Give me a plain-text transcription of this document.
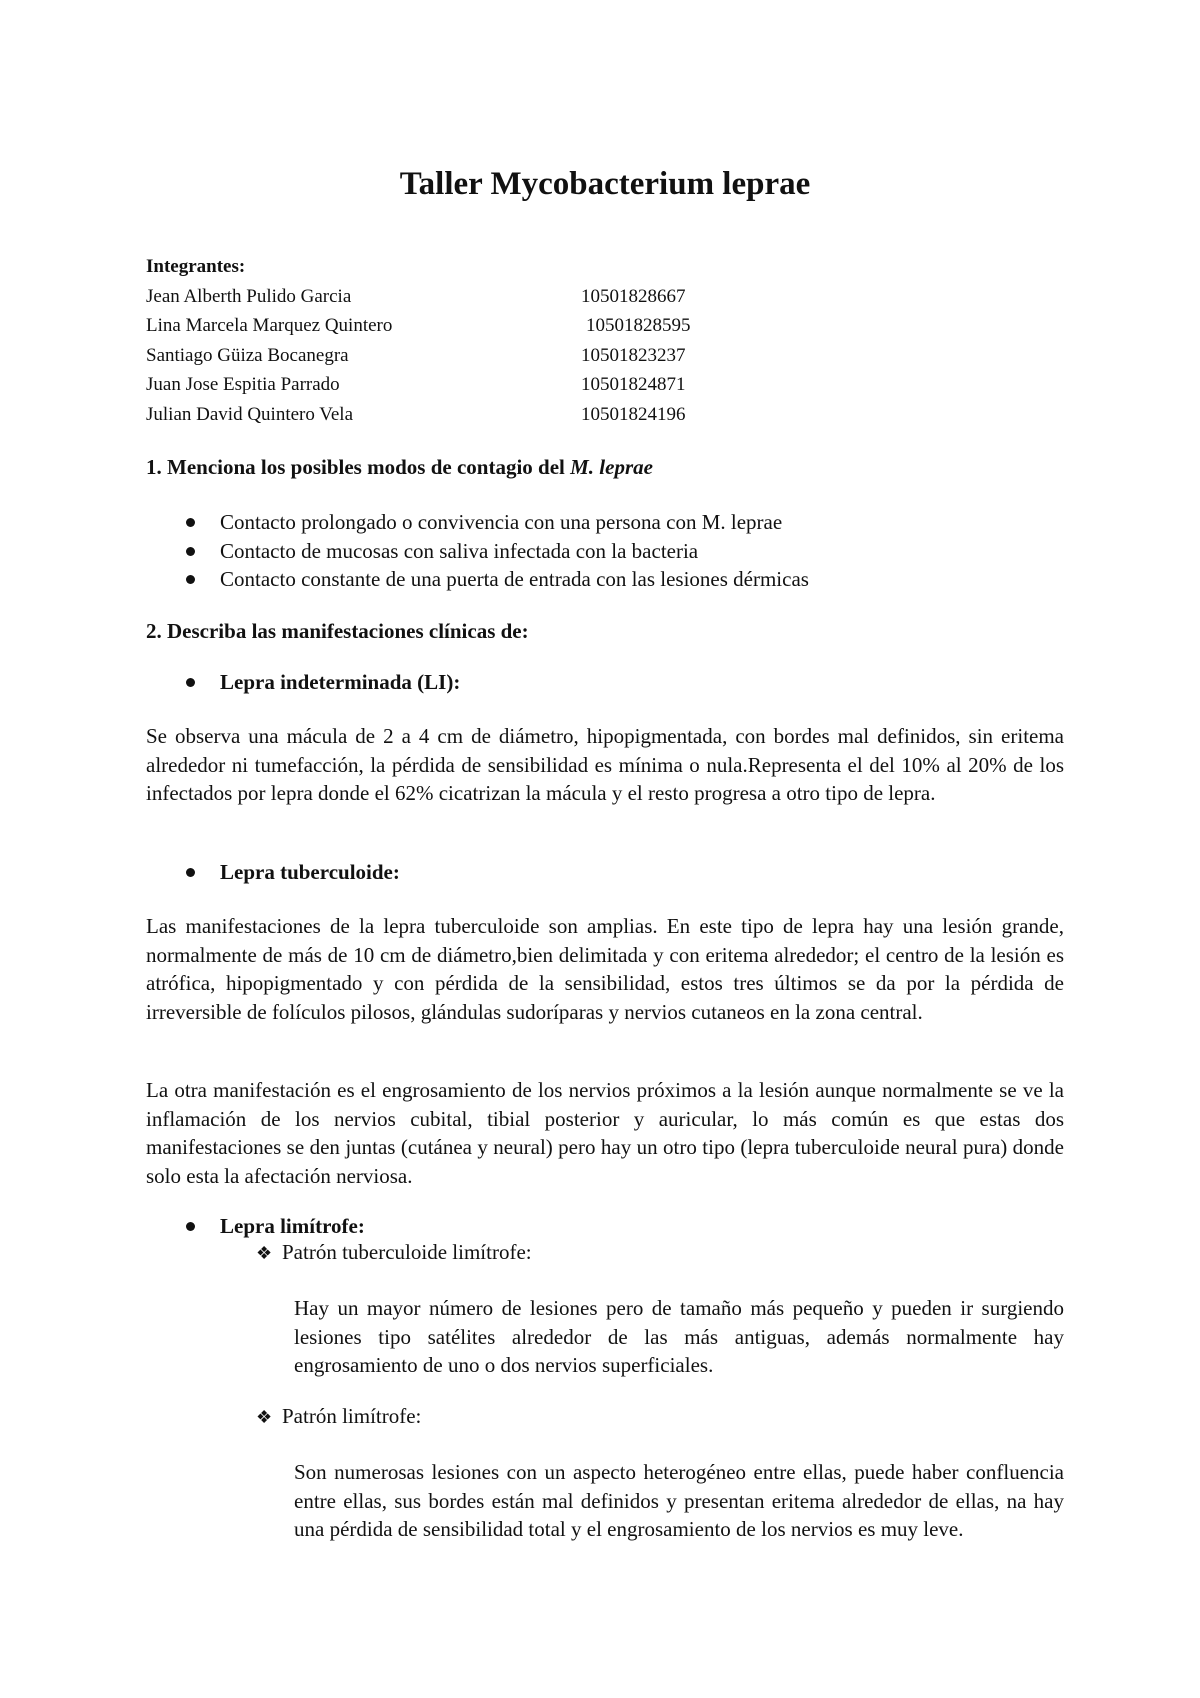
Taller Mycobacterium leprae
Integrantes:
Jean Alberth Pulido Garcia	10501828667
Lina Marcela Marquez Quintero	10501828595
Santiago Güiza Bocanegra	10501823237
Juan Jose Espitia Parrado	10501824871
Julian David Quintero Vela	10501824196
1. Menciona los posibles modos de contagio del M. leprae
Contacto prolongado o convivencia con una persona con M. leprae
Contacto de mucosas con saliva infectada con la bacteria
Contacto constante de una puerta de entrada con las lesiones dérmicas
2. Describa las manifestaciones clínicas de:
Lepra indeterminada (LI):

Se observa una mácula de 2 a 4 cm de diámetro, hipopigmentada, con bordes mal definidos, sin eritema alrededor ni tumefacción, la pérdida de sensibilidad es mínima o nula.Representa el del 10% al 20% de los infectados por lepra donde el 62% cicatrizan la mácula y el resto progresa a otro tipo de lepra.

Lepra tuberculoide:

Las manifestaciones de la lepra tuberculoide son amplias. En este tipo de lepra hay una lesión grande, normalmente de más de 10 cm de diámetro,bien delimitada y con eritema alrededor; el centro de la lesión es atrófica, hipopigmentado y con pérdida de la sensibilidad, estos tres últimos se da por la pérdida de irreversible de folículos pilosos, glándulas sudoríparas y nervios cutaneos en la zona central.

La otra manifestación es el engrosamiento de los nervios próximos a la lesión aunque normalmente se ve la inflamación de los nervios cubital, tibial posterior y auricular, lo más común es que estas dos manifestaciones se den juntas (cutánea y neural) pero hay un otro tipo (lepra tuberculoide neural pura) donde solo esta la afectación nerviosa.

Lepra limítrofe:
❖ Patrón tuberculoide limítrofe:

Hay un mayor número de lesiones pero de tamaño más pequeño y pueden ir surgiendo lesiones tipo satélites alrededor de las más antiguas, además normalmente hay engrosamiento de uno o dos nervios superficiales.

❖ Patrón limítrofe:

Son numerosas lesiones con un aspecto heterogéneo entre ellas, puede haber confluencia entre ellas, sus bordes están mal definidos y presentan eritema alrededor de ellas, na hay una pérdida de sensibilidad total y el engrosamiento de los nervios es muy leve.
